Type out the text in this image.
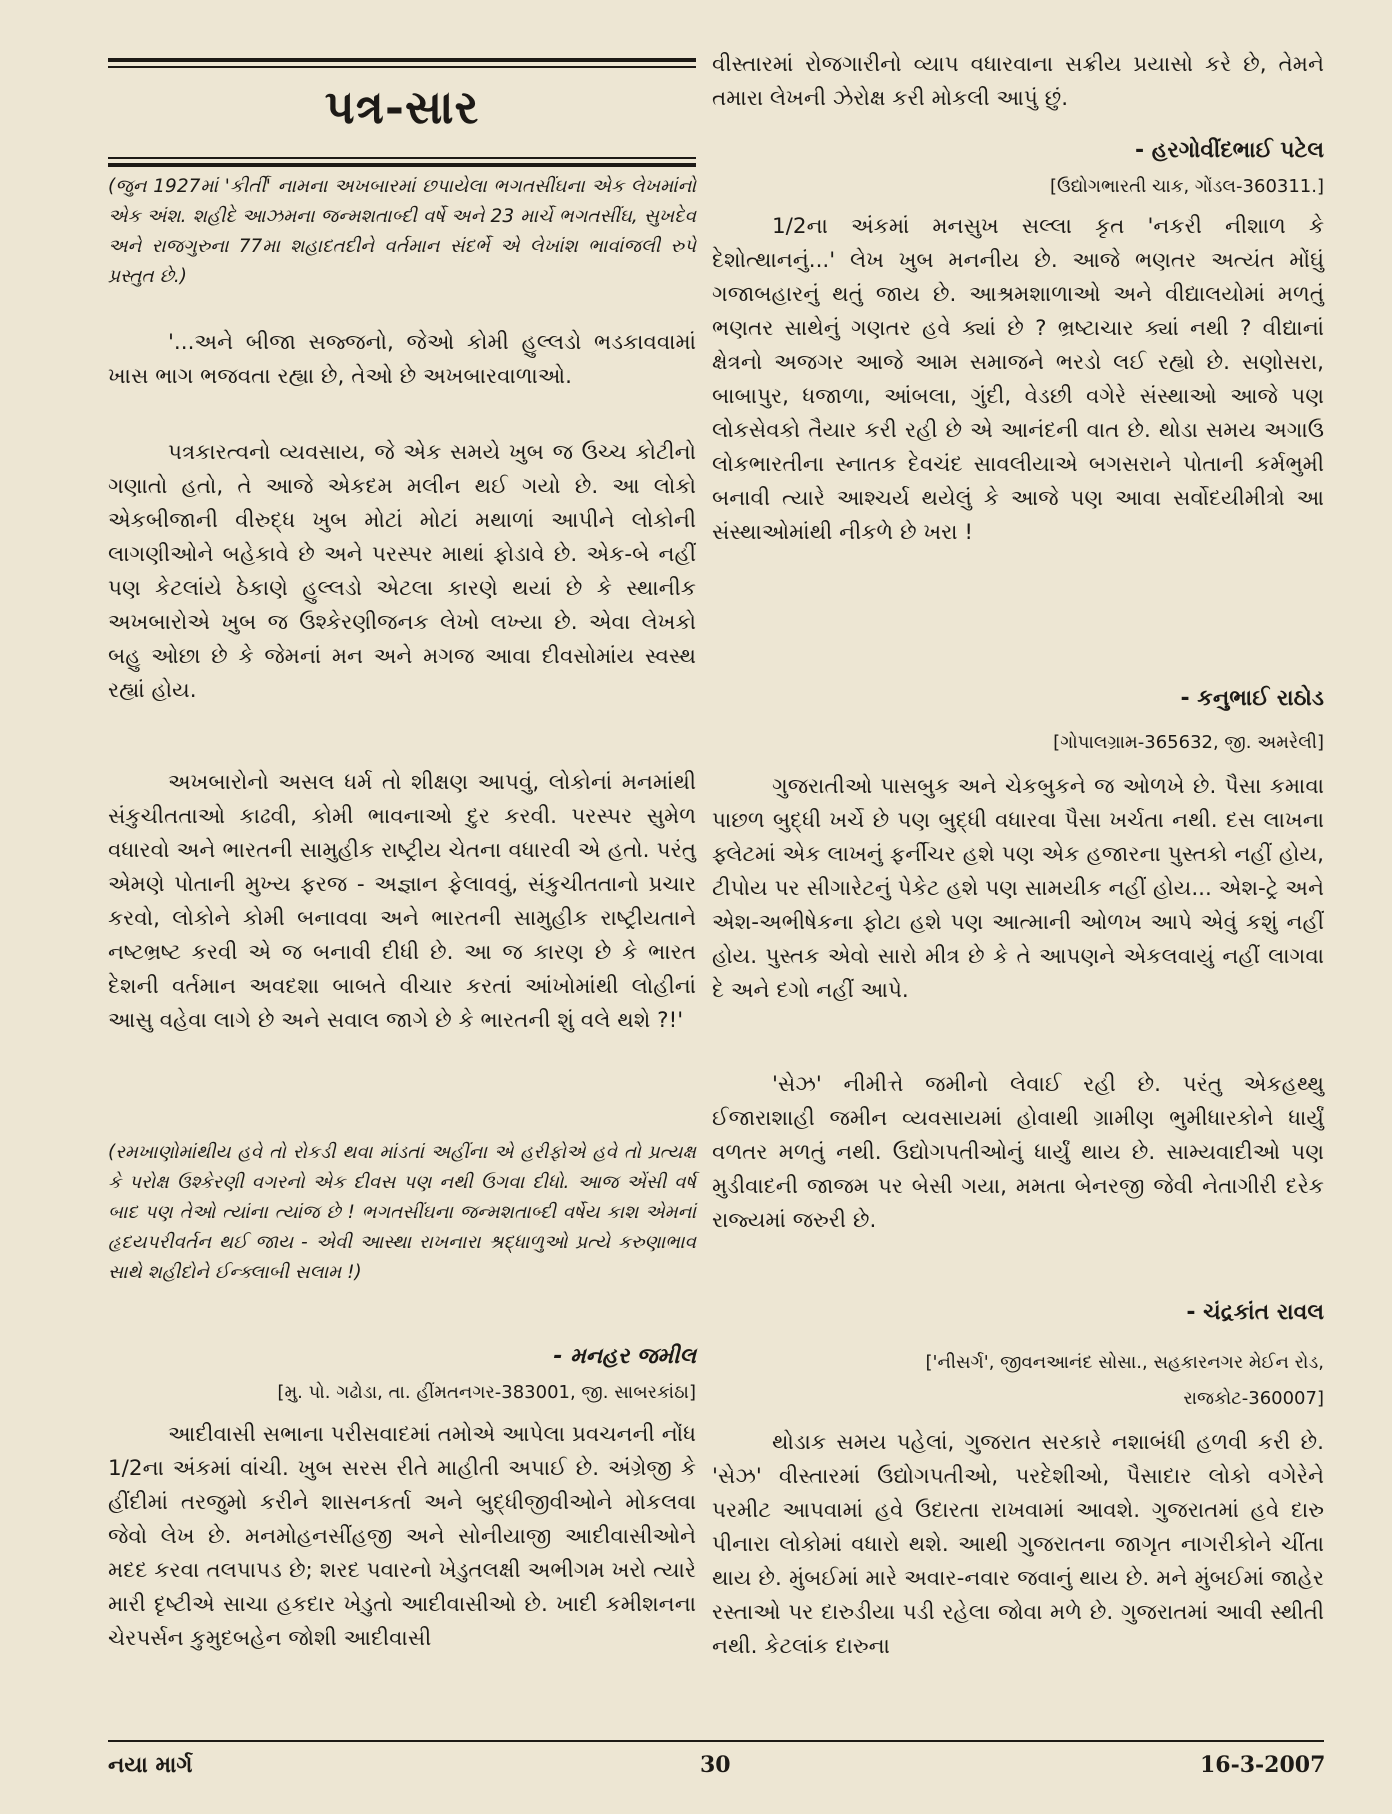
પત્ર-સાર
(જુન 1927માં 'કીર્તી' નામના અખબારમાં છપાયેલા ભગતસીંઘના એક લેખમાંનો એક અંશ. શહીદે આઝમના જન્મશતાબ્દી વર્ષે અને 23 માર્ચે ભગતસીંઘ, સુખદેવ અને રાજગુરુના 77મા શહાદતદીને વર્તમાન સંદર્ભે એ લેખાંશ ભાવાંજલી રુપે પ્રસ્તુત છે.)

'...અને બીજા સજ્જનો, જેઓ કોમી હુલ્લડો ભડકાવવામાં ખાસ ભાગ ભજવતા રહ્યા છે, તેઓ છે અખબારવાળાઓ.

પત્રકારત્વનો વ્યવસાય, જે એક સમયે ખુબ જ ઉચ્ચ કોટીનો ગણાતો હતો, તે આજે એકદમ મલીન થઈ ગયો છે. આ લોકો એકબીજાની વીરુદ્ધ ખુબ મોટાં મોટાં મથાળાં આપીને લોકોની લાગણીઓને બહેકાવે છે અને પરસ્પર માથાં ફોડાવે છે. એક-બે નહીં પણ કેટલાંયે ઠેકાણે હુલ્લડો એટલા કારણે થયાં છે કે સ્થાનીક અખબારોએ ખુબ જ ઉશ્કેરણીજનક લેખો લખ્યા છે. એવા લેખકો બહુ ઓછા છે કે જેમનાં મન અને મગજ આવા દીવસોમાંય સ્વસ્થ રહ્યાં હોય.

અખબારોનો અસલ ધર્મ તો શીક્ષણ આપવું, લોકોનાં મનમાંથી સંકુચીતતાઓ કાઢવી, કોમી ભાવનાઓ દુર કરવી. પરસ્પર સુમેળ વધારવો અને ભારતની સામુહીક રાષ્ટ્રીય ચેતના વધારવી એ હતો. પરંતુ એમણે પોતાની મુખ્ય ફરજ - અજ્ઞાન ફેલાવવું, સંકુચીતતાનો પ્રચાર કરવો, લોકોને કોમી બનાવવા અને ભારતની સામુહીક રાષ્ટ્રીયતાને નષ્ટભ્રષ્ટ કરવી એ જ બનાવી દીધી છે. આ જ કારણ છે કે ભારત દેશની વર્તમાન અવદશા બાબતે વીચાર કરતાં આંખોમાંથી લોહીનાં આસુ વહેવા લાગે છે અને સવાલ જાગે છે કે ભારતની શું વલે થશે ?!'

(રમખાણોમાંથીય હવે તો રોકડી થવા માંડતાં અહીંના એ હરીફોએ હવે તો પ્રત્યક્ષ કે પરોક્ષ ઉશ્કેરણી વગરનો એક દીવસ પણ નથી ઉગવા દીધો. આજ એંસી વર્ષ બાદ પણ તેઓ ત્યાંના ત્યાંજ છે ! ભગતસીંઘના જન્મશતાબ્દી વર્ષેય કાશ એમનાં હૃદયપરીવર્તન થઈ જાય - એવી આસ્થા રાખનારા શ્રદ્ધાળુઓ પ્રત્યે કરુણાભાવ સાથે શહીદોને ઈન્ક્લાબી સલામ !)
- મનહર જમીલ
[મુ. પો. ગઢોડા, તા. હીંમતનગર-383001, જી. સાબરકાંઠા]

આદીવાસી સભાના પરીસવાદમાં તમોએ આપેલા પ્રવચનની નોંધ 1/2ના અંકમાં વાંચી. ખુબ સરસ રીતે માહીતી અપાઈ છે. અંગ્રેજી કે હીંદીમાં તરજુમો કરીને શાસનકર્તા અને બુદ્ધીજીવીઓને મોકલવા જેવો લેખ છે. મનમોહનસીંહજી અને સોનીયાજી આદીવાસીઓને મદદ કરવા તલપાપડ છે; શરદ પવારનો ખેડુતલક્ષી અભીગમ ખરો ત્યારે મારી દૃષ્ટીએ સાચા હકદાર ખેડુતો આદીવાસીઓ છે. ખાદી કમીશનના ચેરપર્સન કુમુદબહેન જોશી આદીવાસી

વીસ્તારમાં રોજગારીનો વ્યાપ વધારવાના સક્રીય પ્રયાસો કરે છે, તેમને તમારા લેખની ઝેરોક્ષ કરી મોકલી આપું છું.
- હરગોવીંદભાઈ પટેલ
[ઉદ્યોગભારતી ચાક, ગોંડલ-360311.]

1/2ના અંકમાં મનસુખ સલ્લા કૃત 'નકરી નીશાળ કે દેશોત્થાનનું...' લેખ ખુબ મનનીય છે. આજે ભણતર અત્યંત મોંઘું ગજાબહારનું થતું જાય છે. આશ્રમશાળાઓ અને વીદ્યાલયોમાં મળતું ભણતર સાથેનું ગણતર હવે ક્યાં છે ? ભ્રષ્ટાચાર ક્યાં નથી ? વીદ્યાનાં ક્ષેત્રનો અજગર આજે આમ સમાજને ભરડો લઈ રહ્યો છે. સણોસરા, બાબાપુર, ધજાળા, આંબલા, ગુંદી, વેડછી વગેરે સંસ્થાઓ આજે પણ લોકસેવકો તૈયાર કરી રહી છે એ આનંદની વાત છે. થોડા સમય અગાઉ લોકભારતીના સ્નાતક દેવચંદ સાવલીયાએ બગસરાને પોતાની કર્મભુમી બનાવી ત્યારે આશ્ચર્ય થયેલું કે આજે પણ આવા સર્વોદયીમીત્રો આ સંસ્થાઓમાંથી નીકળે છે ખરા !

- કનુભાઈ રાઠોડ
[ગોપાલગ્રામ-365632, જી. અમરેલી]

ગુજરાતીઓ પાસબુક અને ચેકબુકને જ ઓળખે છે. પૈસા કમાવા પાછળ બુદ્ધી ખર્ચે છે પણ બુદ્ધી વધારવા પૈસા ખર્ચતા નથી. દસ લાખના ફ્લેટમાં એક લાખનું ફર્નીચર હશે પણ એક હજારના પુસ્તકો નહીં હોય, ટીપોય પર સીગારેટનું પેકેટ હશે પણ સામયીક નહીં હોય... એશ-ટ્રે અને એશ-અભીષેકના ફોટા હશે પણ આત્માની ઓળખ આપે એવું કશું નહીં હોય. પુસ્તક એવો સારો મીત્ર છે કે તે આપણને એકલવાયું નહીં લાગવા દે અને દગો નહીં આપે.

'સેઝ' નીમીત્તે જમીનો લેવાઈ રહી છે. પરંતુ એકહથ્થુ ઈજારાશાહી જમીન વ્યવસાયમાં હોવાથી ગ્રામીણ ભુમીધારકોને ધાર્યું વળતર મળતું નથી. ઉદ્યોગપતીઓનું ધાર્યું થાય છે. સામ્યવાદીઓ પણ મુડીવાદની જાજમ પર બેસી ગયા, મમતા બેનરજી જેવી નેતાગીરી દરેક રાજ્યમાં જરુરી છે.

- ચંદ્રકાંત રાવલ
['નીસર્ગ', જીવનઆનંદ સોસા., સહકારનગર મેઈન રોડ,
રાજકોટ-360007]

થોડાક સમય પહેલાં, ગુજરાત સરકારે નશાબંધી હળવી કરી છે. 'સેઝ' વીસ્તારમાં ઉદ્યોગપતીઓ, પરદેશીઓ, પૈસાદાર લોકો વગેરેને પરમીટ આપવામાં હવે ઉદારતા રાખવામાં આવશે. ગુજરાતમાં હવે દારુ પીનારા લોકોમાં વધારો થશે. આથી ગુજરાતના જાગૃત નાગરીકોને ચીંતા થાય છે. મુંબઈમાં મારે અવાર-નવાર જવાનું થાય છે. મને મુંબઈમાં જાહેર રસ્તાઓ પર દારુડીયા પડી રહેલા જોવા મળે છે. ગુજરાતમાં આવી સ્થીતી નથી. કેટલાંક દારુના

નયા માર્ગ	30	16-3-2007
